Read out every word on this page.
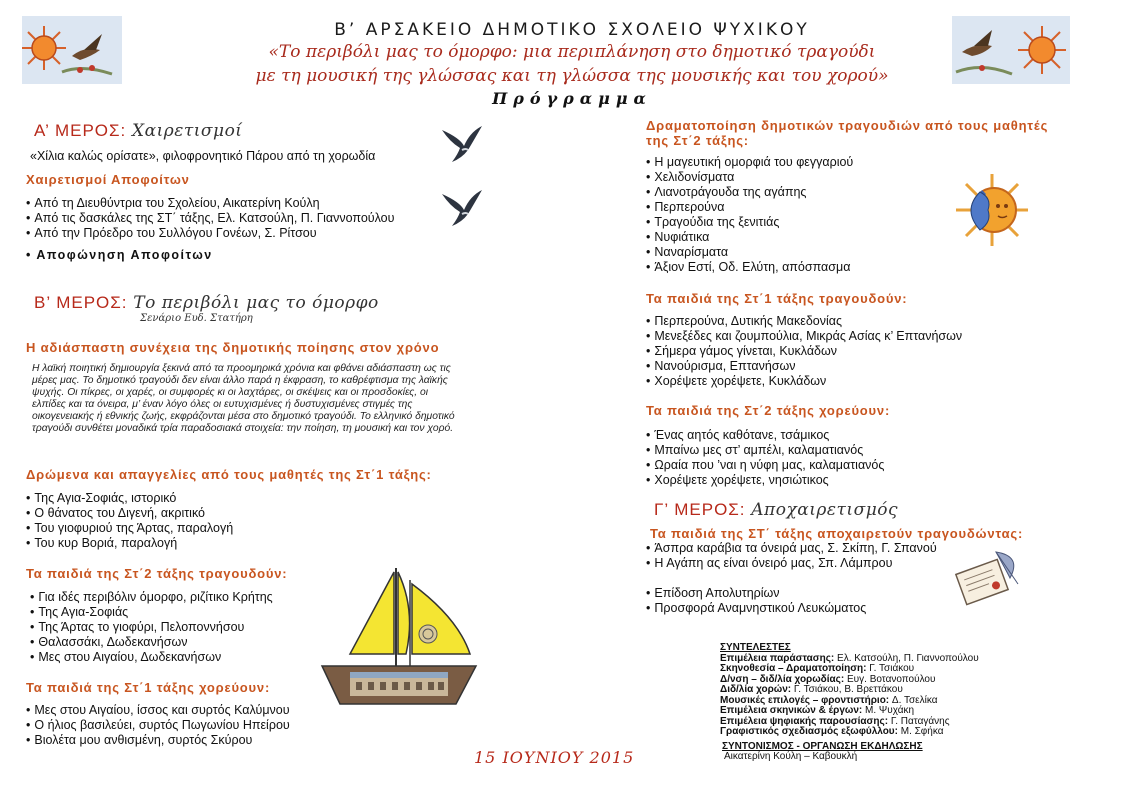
Β’ ΑΡΣΑΚΕΙΟ ΔΗΜΟΤΙΚΟ ΣΧΟΛΕΙΟ ΨΥΧΙΚΟΥ
«Το περιβόλι μας το όμορφο: μια περιπλάνηση στο δημοτικό τραγούδι
με τη μουσική της γλώσσας και τη γλώσσα της μουσικής και του χορού»
Πρόγραμμα
Α’ ΜΕΡΟΣ: Χαιρετισμοί
«Χίλια καλώς ορίσατε», φιλοφρονητικό Πάρου από τη χορωδία
Χαιρετισμοί Αποφοίτων
• Από τη Διευθύντρια του Σχολείου, Αικατερίνη Κούλη
• Από τις δασκάλες της ΣΤ΄ τάξης, Ελ. Κατσούλη, Π. Γιαννοπούλου
• Από την Πρόεδρο του Συλλόγου Γονέων, Σ. Ρίτσου
• Αποφώνηση Αποφοίτων
Β’ ΜΕΡΟΣ: Το περιβόλι μας το όμορφο
Σενάριο Ευδ. Στατήρη
Η αδιάσπαστη συνέχεια της δημοτικής ποίησης στον χρόνο
Η λαϊκή ποιητική δημιουργία ξεκινά από τα προομηρικά χρόνια και φθάνει αδιάσπαστη ως τις
μέρες μας. Το δημοτικό τραγούδι δεν είναι άλλο παρά η έκφραση, το καθρέφτισμα της λαϊκής
ψυχής. Οι πίκρες, οι χαρές, οι συμφορές κι οι λαχτάρες, οι σκέψεις και οι προσδοκίες, οι
ελπίδες και τα όνειρα, μ’ έναν λόγο όλες οι ευτυχισμένες ή δυστυχισμένες στιγμές της
οικογενειακής ή εθνικής ζωής, εκφράζονται μέσα στο δημοτικό τραγούδι. Το ελληνικό δημοτικό
τραγούδι συνθέτει μοναδικά τρία παραδοσιακά στοιχεία: την ποίηση, τη μουσική και τον χορό.
Δρώμενα και απαγγελίες από τους μαθητές της Στ΄1 τάξης:
• Της Αγια-Σοφιάς, ιστορικό
• Ο θάνατος του Διγενή, ακριτικό
• Του γιοφυριού της Άρτας, παραλογή
• Του κυρ Βοριά, παραλογή
Τα παιδιά της Στ΄2 τάξης τραγουδούν:
• Για ιδές περιβόλιν όμορφο, ριζίτικο Κρήτης
• Της Αγια-Σοφιάς
• Της Άρτας το γιοφύρι, Πελοποννήσου
• Θαλασσάκι, Δωδεκανήσων
• Μες στου Αιγαίου, Δωδεκανήσων
Τα παιδιά της Στ΄1 τάξης χορεύουν:
• Μες στου Αιγαίου, ίσσος και συρτός Καλύμνου
• Ο ήλιος βασιλεύει, συρτός Πωγωνίου Ηπείρου
• Βιολέτα μου ανθισμένη, συρτός Σκύρου
Δραματοποίηση δημοτικών τραγουδιών από τους μαθητές
της Στ΄2 τάξης:
• Η μαγευτική ομορφιά του φεγγαριού
• Χελιδονίσματα
• Λιανοτράγουδα της αγάπης
• Περπερούνα
• Τραγούδια της ξενιτιάς
• Νυφιάτικα
• Ναναρίσματα
• Άξιον Εστί, Οδ. Ελύτη, απόσπασμα
Τα παιδιά της Στ΄1 τάξης τραγουδούν:
• Περπερούνα, Δυτικής Μακεδονίας
• Μενεξέδες και ζουμπούλια, Μικράς Ασίας κ’ Επτανήσων
• Σήμερα γάμος γίνεται, Κυκλάδων
• Νανούρισμα, Επτανήσων
• Χορέψετε χορέψετε, Κυκλάδων
Τα παιδιά της Στ΄2 τάξης χορεύουν:
• Ένας αητός καθότανε, τσάμικος
• Μπαίνω μες στ’ αμπέλι, καλαματιανός
• Ωραία που ’ναι η νύφη μας, καλαματιανός
• Χορέψετε χορέψετε, νησιώτικος
Γ’ ΜΕΡΟΣ: Αποχαιρετισμός
Τα παιδιά της ΣΤ΄ τάξης αποχαιρετούν τραγουδώντας:
• Άσπρα καράβια τα όνειρά μας, Σ. Σκίπη, Γ. Σπανού
• Η Αγάπη ας είναι όνειρό μας, Σπ. Λάμπρου
• Επίδοση Απολυτηρίων
• Προσφορά Αναμνηστικού Λευκώματος
ΣΥΝΤΕΛΕΣΤΕΣ
Επιμέλεια παράστασης: Ελ. Κατσούλη, Π. Γιαννοπούλου
Σκηνοθεσία – Δραματοποίηση: Γ. Τσιάκου
Δ/νση – διδ/λία χορωδίας: Ευγ. Βοτανοπούλου
Διδ/λία χορών: Γ. Τσιάκου, Β. Βρεττάκου
Μουσικές επιλογές – φροντιστήριο: Δ. Τσελίκα
Επιμέλεια σκηνικών & έργων: Μ. Ψυχάκη
Επιμέλεια ψηφιακής παρουσίασης: Γ. Παταγάνης
Γραφιστικός σχεδιασμός εξωφύλλου: Μ. Σφήκα
ΣΥΝΤΟΝΙΣΜΟΣ - ΟΡΓΑΝΩΣΗ ΕΚΔΗΛΩΣΗΣ
Αικατερίνη Κούλη – Καβουκλή
15 ΙΟΥΝΙΟΥ 2015
